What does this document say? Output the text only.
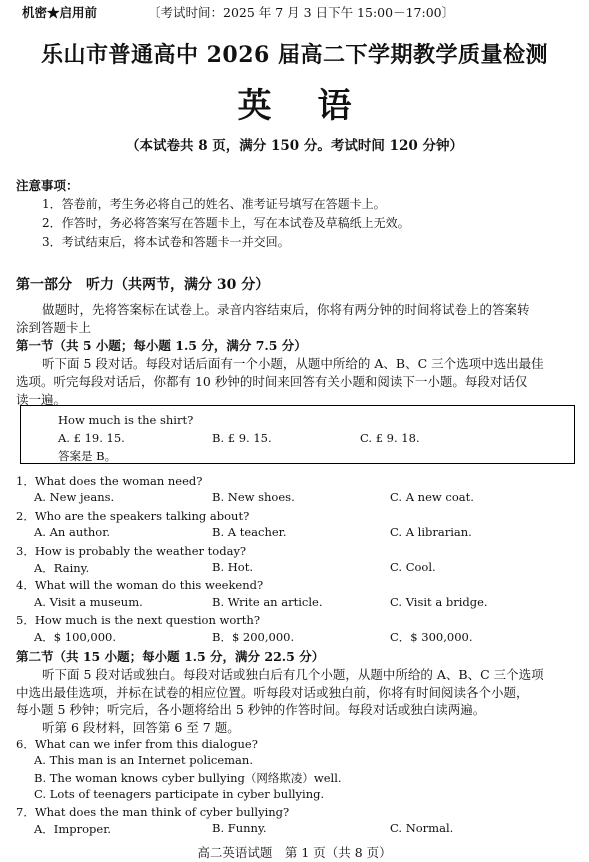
机密★启用前	〔考试时间：2025 年 7 月 3 日下午 15:00－17:00〕
乐山市普通高中 2026 届高二下学期教学质量检测
英语
（本试卷共 8 页，满分 150 分。考试时间 120 分钟）
注意事项：
1．答卷前，考生务必将自己的姓名、准考证号填写在答题卡上。
2．作答时，务必将答案写在答题卡上，写在本试卷及草稿纸上无效。
3．考试结束后，将本试卷和答题卡一并交回。
第一部分　听力（共两节，满分 30 分）
做题时，先将答案标在试卷上。录音内容结束后，你将有两分钟的时间将试卷上的答案转
涂到答题卡上
第一节（共 5 小题；每小题 1.5 分，满分 7.5 分）
听下面 5 段对话。每段对话后面有一个小题，从题中所给的 A、B、C 三个选项中选出最佳
选项。听完每段对话后，你都有 10 秒钟的时间来回答有关小题和阅读下一小题。每段对话仅
读一遍。
How much is the shirt?
A. £ 19. 15.	B. £ 9. 15.	C. £ 9. 18.
答案是 B。
1．What does the woman need?
A. New jeans.	B. New shoes.	C. A new coat.
2．Who are the speakers talking about?
A. An author.	B. A teacher.	C. A librarian.
3．How is probably the weather today?
A．Rainy.	B. Hot.	C. Cool.
4．What will the woman do this weekend?
A. Visit a museum.	B. Write an article.	C. Visit a bridge.
5．How much is the next question worth?
A．$ 100,000.	B．$ 200,000.	C．$ 300,000.
第二节（共 15 小题；每小题 1.5 分，满分 22.5 分）
听下面 5 段对话或独白。每段对话或独白后有几个小题，从题中所给的 A、B、C 三个选项
中选出最佳选项，并标在试卷的相应位置。听每段对话或独白前，你将有时间阅读各个小题，
每小题 5 秒钟；听完后，各小题将给出 5 秒钟的作答时间。每段对话或独白读两遍。
听第 6 段材料，回答第 6 至 7 题。
6．What can we infer from this dialogue?
A. This man is an Internet policeman.
B. The woman knows cyber bullying（网络欺凌）well.
C. Lots of teenagers participate in cyber bullying.
7．What does the man think of cyber bullying?
A．Improper.	B. Funny.	C. Normal.
高二英语试题　第 1 页（共 8 页）
